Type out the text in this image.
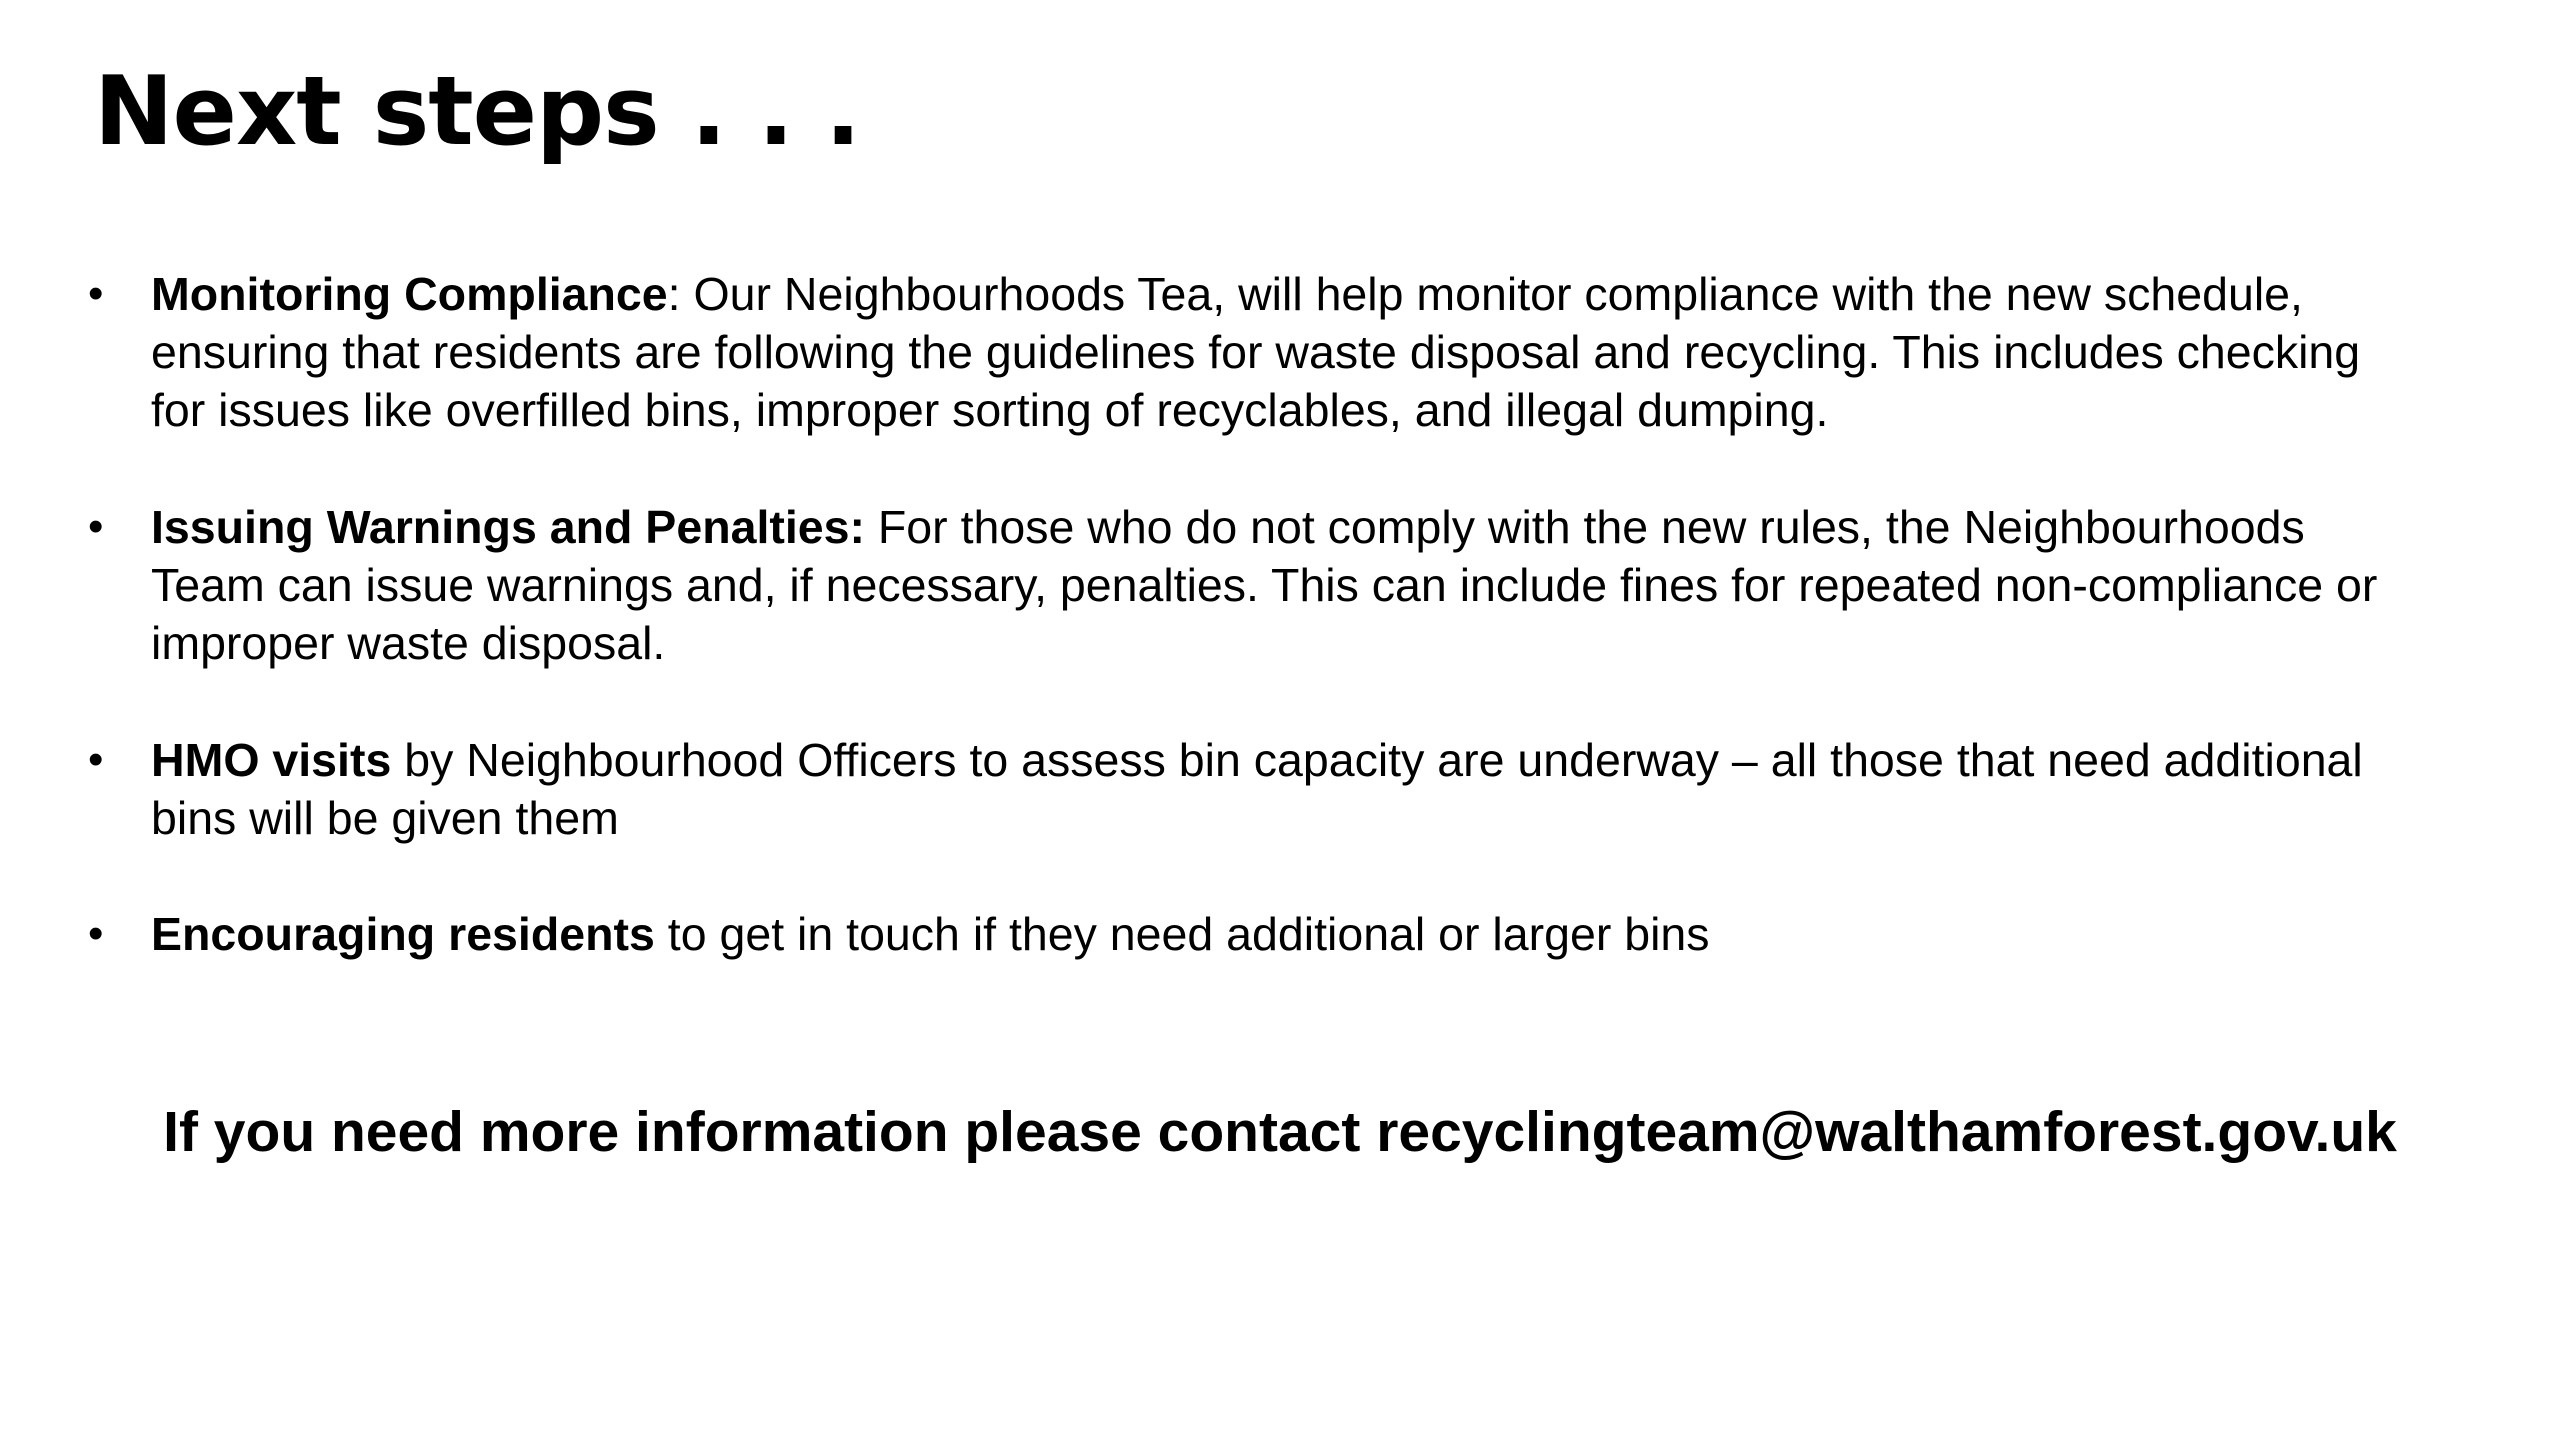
Next steps . . .
• Monitoring Compliance: Our Neighbourhoods Tea, will help monitor compliance with the new schedule,
ensuring that residents are following the guidelines for waste disposal and recycling. This includes checking
for issues like overfilled bins, improper sorting of recyclables, and illegal dumping.
• Issuing Warnings and Penalties: For those who do not comply with the new rules, the Neighbourhoods
Team can issue warnings and, if necessary, penalties. This can include fines for repeated non-compliance or
improper waste disposal.
• HMO visits by Neighbourhood Officers to assess bin capacity are underway – all those that need additional
bins will be given them
• Encouraging residents to get in touch if they need additional or larger bins
If you need more information please contact recyclingteam@walthamforest.gov.uk
